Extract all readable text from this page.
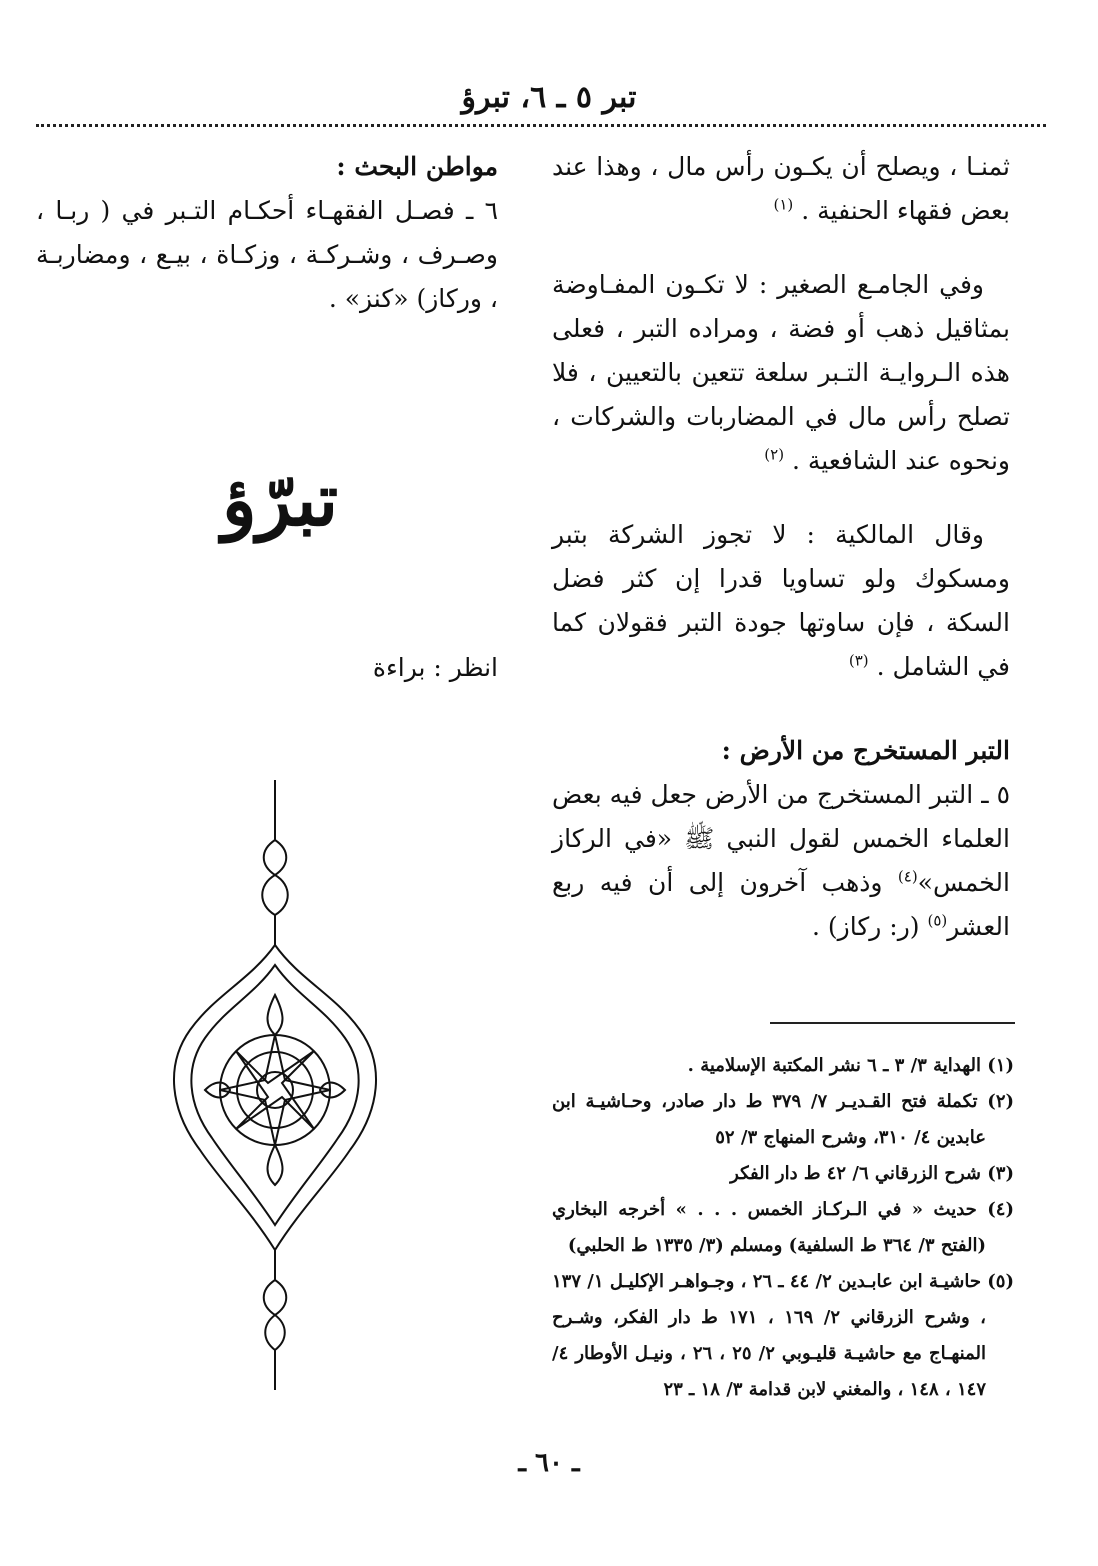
تبر ٥ ـ ٦، تبرؤ

ثمنـا ، ويصلح أن يكـون رأس مال ، وهذا عند بعض فقهاء الحنفية . $^{(١)}$

وفي الجامـع الصغير : لا تكـون المفـاوضة بمثاقيل ذهب أو فضة ، ومراده التبر ، فعلى هذه الـروايـة التـبر سلعة تتعين بالتعيين ، فلا تصلح رأس مال في المضاربات والشركات ، ونحوه عند الشافعية . $^{(٢)}$

وقال المالكية : لا تجوز الشركة بتبر ومسكوك ولو تساويا قدرا إن كثر فضل السكة ، فإن ساوتها جودة التبر فقولان كما في الشامل . $^{(٣)}$

التبر المستخرج من الأرض :

٥ ـ التبر المستخرج من الأرض جعل فيه بعض العلماء الخمس لقول النبي ﷺ «في الركاز الخمس»$^{(٤)}$ وذهب آخرون إلى أن فيه ربع العشر$^{(٥)}$ (ر: ركاز) .

مواطن البحث :

٦ ـ فصـل الفقهـاء أحكـام التـبر في ( ربـا ، وصـرف ، وشـركـة ، وزكـاة ، بيـع ، ومضاربـة ، وركاز) «كنز» .

تبرّؤ
انظر : براءة

(١) الهداية ٣/ ٣ ـ ٦ نشر المكتبة الإسلامية .

(٢) تكملة فتح القـديـر ٧/ ٣٧٩ ط دار صادر، وحـاشيـة ابن عابدين ٤/ ٣١٠، وشرح المنهاج ٣/ ٥٢

(٣) شرح الزرقاني ٦/ ٤٢ ط دار الفكر

(٤) حديث « في الـركـاز الخمس . . . » أخرجه البخاري (الفتح ٣/ ٣٦٤ ط السلفية) ومسلم (٣/ ١٣٣٥ ط الحلبي)

(٥) حاشيـة ابن عابـدين ٢/ ٤٤ ـ ٢٦ ، وجـواهـر الإكليـل ١/ ١٣٧ ، وشرح الزرقاني ٢/ ١٦٩ ، ١٧١ ط دار الفكر، وشـرح المنهـاج مع حاشيـة قليـوبي ٢/ ٢٥ ، ٢٦ ، ونيـل الأوطار ٤/ ١٤٧ ، ١٤٨ ، والمغني لابن قدامة ٣/ ١٨ ـ ٢٣

ـ ٦٠ ـ
